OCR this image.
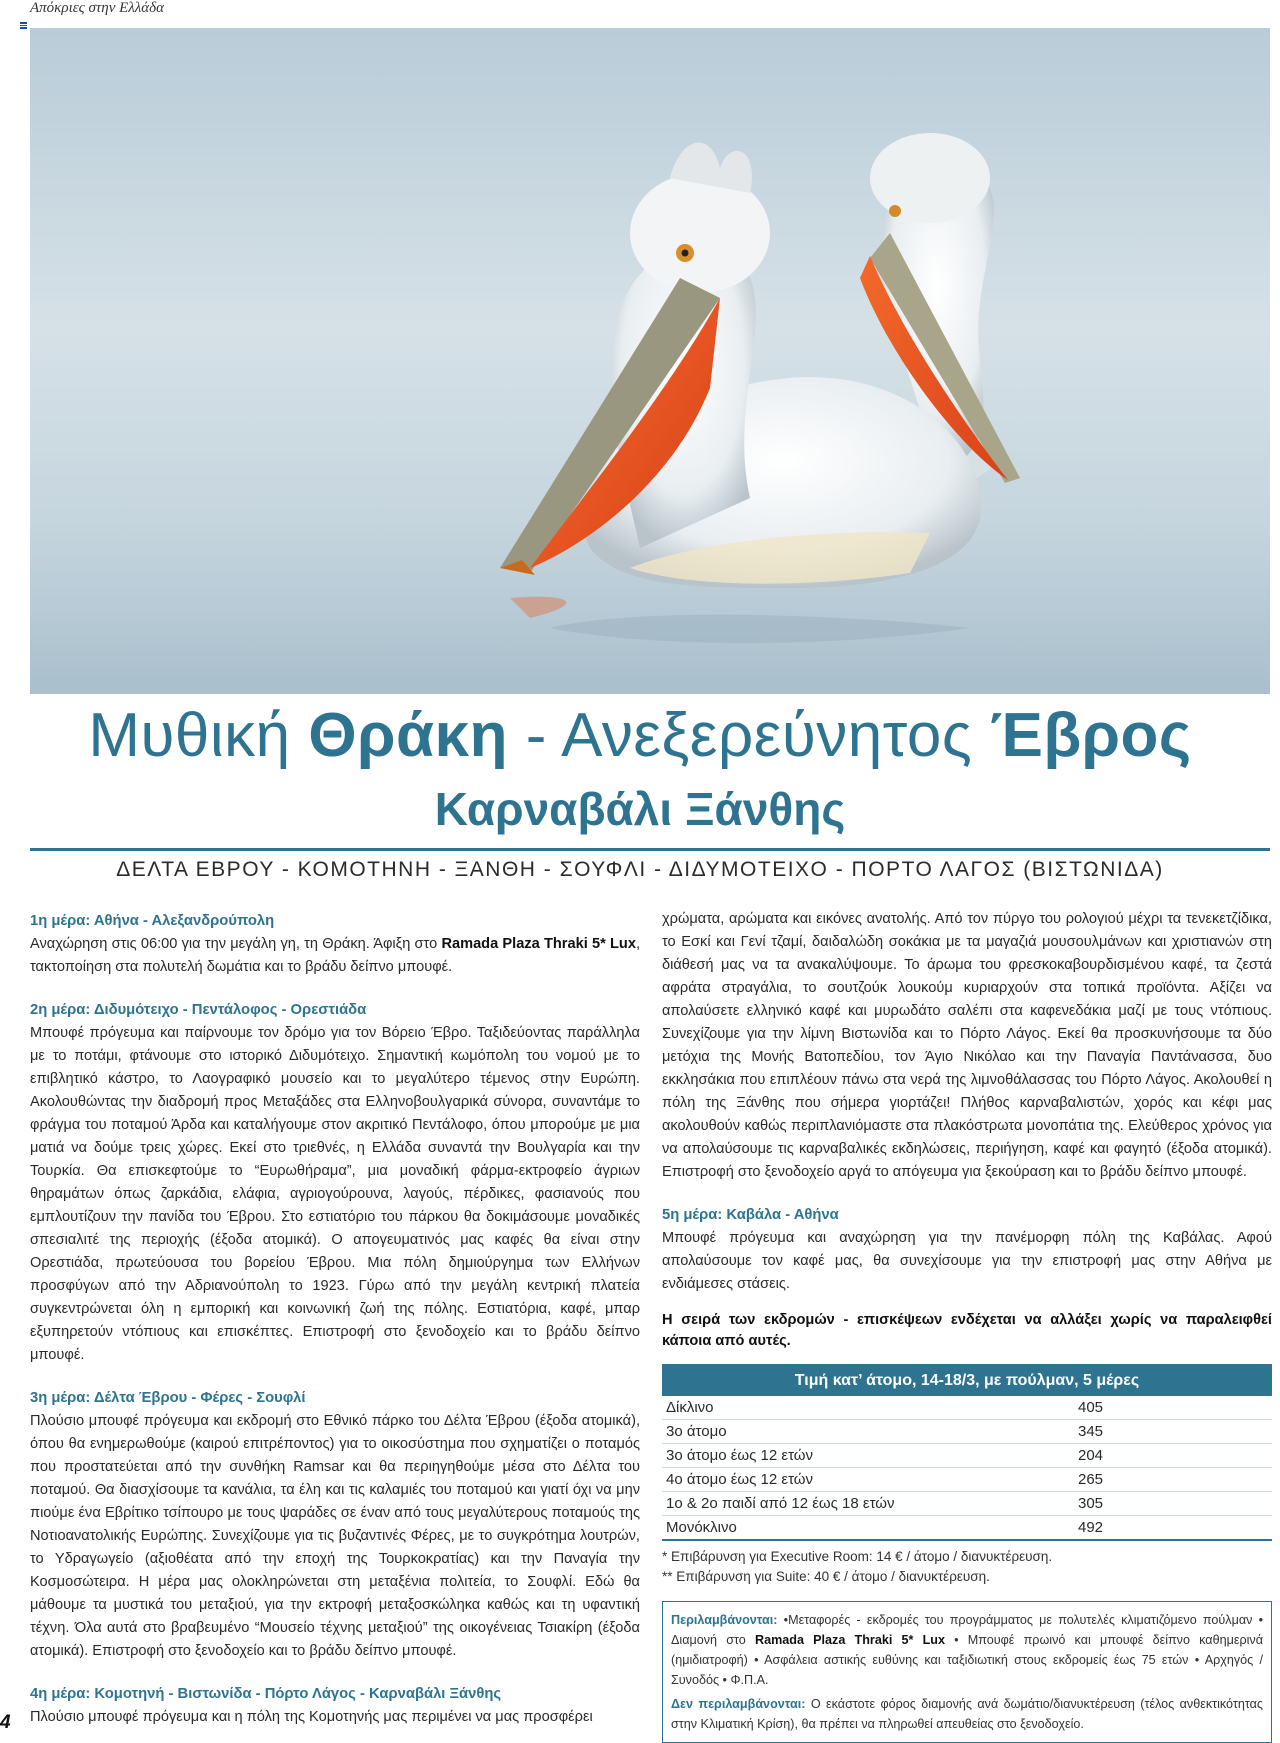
Απόκριες στην Ελλάδα
Μυθική Θράκη - Ανεξερεύνητος Έβρος
Καρναβάλι Ξάνθης
ΔΕΛΤΑ ΕΒΡΟΥ - ΚΟΜΟΤΗΝΗ - ΞΑΝΘΗ - ΣΟΥΦΛΙ - ΔΙΔΥΜΟΤΕΙΧΟ - ΠΟΡΤΟ ΛΑΓΟΣ (ΒΙΣΤΩΝΙΔΑ)
1η μέρα: Αθήνα - Αλεξανδρούπολη

Αναχώρηση στις 06:00 για την μεγάλη γη, τη Θράκη. Άφιξη στο Ramada Plaza Thraki 5* Lux, τακτοποίηση στα πολυτελή δωμάτια και το βράδυ δείπνο μπουφέ.

2η μέρα: Διδυμότειχο - Πεντάλοφος - Ορεστιάδα

Μπουφέ πρόγευμα και παίρνουμε τον δρόμο για τον Βόρειο Έβρο. Ταξιδεύοντας παράλληλα με το ποτάμι, φτάνουμε στο ιστορικό Διδυμότειχο. Σημαντική κωμόπολη του νομού με το επιβλητικό κάστρο, το Λαογραφικό μουσείο και το μεγαλύτερο τέμενος στην Ευρώπη. Ακολουθώντας την διαδρομή προς Μεταξάδες στα Ελληνοβουλγαρικά σύνορα, συναντάμε το φράγμα του ποταμού Άρδα και καταλήγουμε στον ακριτικό Πεντάλοφο, όπου μπορούμε με μια ματιά να δούμε τρεις χώρες. Εκεί στο τριεθνές, η Ελλάδα συναντά την Βουλγαρία και την Τουρκία. Θα επισκεφτούμε το “Ευρωθήραμα”, μια μοναδική φάρμα-εκτροφείο άγριων θηραμάτων όπως ζαρκάδια, ελάφια, αγριογούρουνα, λαγούς, πέρδικες, φασιανούς που εμπλουτίζουν την πανίδα του Έβρου. Στο εστιατόριο του πάρκου θα δοκιμάσουμε μοναδικές σπεσιαλιτέ της περιοχής (έξοδα ατομικά). Ο απογευματινός μας καφές θα είναι στην Ορεστιάδα, πρωτεύουσα του βορείου Έβρου. Μια πόλη δημιούργημα των Ελλήνων προσφύγων από την Αδριανούπολη το 1923. Γύρω από την μεγάλη κεντρική πλατεία συγκεντρώνεται όλη η εμπορική και κοινωνική ζωή της πόλης. Εστιατόρια, καφέ, μπαρ εξυπηρετούν ντόπιους και επισκέπτες. Επιστροφή στο ξενοδοχείο και το βράδυ δείπνο μπουφέ.

3η μέρα: Δέλτα Έβρου - Φέρες - Σουφλί

Πλούσιο μπουφέ πρόγευμα και εκδρομή στο Εθνικό πάρκο του Δέλτα Έβρου (έξοδα ατομικά), όπου θα ενημερωθούμε (καιρού επιτρέποντος) για το οικοσύστημα που σχηματίζει ο ποταμός που προστατεύεται από την συνθήκη Ramsar και θα περιηγηθούμε μέσα στο Δέλτα του ποταμού. Θα διασχίσουμε τα κανάλια, τα έλη και τις καλαμιές του ποταμού και γιατί όχι να μην πιούμε ένα Εβρίτικο τσίπουρο με τους ψαράδες σε έναν από τους μεγαλύτερους ποταμούς της Νοτιοανατολικής Ευρώπης. Συνεχίζουμε για τις βυζαντινές Φέρες, με το συγκρότημα λουτρών, το Υδραγωγείο (αξιοθέατα από την εποχή της Τουρκοκρατίας) και την Παναγία την Κοσμοσώτειρα. Η μέρα μας ολοκληρώνεται στη μεταξένια πολιτεία, το Σουφλί. Εδώ θα μάθουμε τα μυστικά του μεταξιού, για την εκτροφή μεταξοσκώληκα καθώς και τη υφαντική τέχνη. Όλα αυτά στο βραβευμένο “Μουσείο τέχνης μεταξιού” της οικογένειας Τσιακίρη (έξοδα ατομικά). Επιστροφή στο ξενοδοχείο και το βράδυ δείπνο μπουφέ.

4η μέρα: Κομοτηνή - Βιστωνίδα - Πόρτο Λάγος - Καρναβάλι Ξάνθης

Πλούσιο μπουφέ πρόγευμα και η πόλη της Κομοτηνής μας περιμένει να μας προσφέρει

χρώματα, αρώματα και εικόνες ανατολής. Από τον πύργο του ρολογιού μέχρι τα τενεκετζίδικα, το Εσκί και Γενί τζαμί, δαιδαλώδη σοκάκια με τα μαγαζιά μουσουλμάνων και χριστιανών στη διάθεσή μας να τα ανακαλύψουμε. Το άρωμα του φρεσκοκαβουρδισμένου καφέ, τα ζεστά αφράτα στραγάλια, το σουτζούκ λουκούμ κυριαρχούν στα τοπικά προϊόντα. Αξίζει να απολαύσετε ελληνικό καφέ και μυρωδάτο σαλέπι στα καφενεδάκια μαζί με τους ντόπιους. Συνεχίζουμε για την λίμνη Βιστωνίδα και το Πόρτο Λάγος. Εκεί θα προσκυνήσουμε τα δύο μετόχια της Μονής Βατοπεδίου, τον Άγιο Νικόλαο και την Παναγία Παντάνασσα, δυο εκκλησάκια που επιπλέουν πάνω στα νερά της λιμνοθάλασσας του Πόρτο Λάγος. Ακολουθεί η πόλη της Ξάνθης που σήμερα γιορτάζει! Πλήθος καρναβαλιστών, χορός και κέφι μας ακολουθούν καθώς περιπλανιόμαστε στα πλακόστρωτα μονοπάτια της. Ελεύθερος χρόνος για να απολαύσουμε τις καρναβαλικές εκδηλώσεις, περιήγηση, καφέ και φαγητό (έξοδα ατομικά). Επιστροφή στο ξενοδοχείο αργά το απόγευμα για ξεκούραση και το βράδυ δείπνο μπουφέ.

5η μέρα: Καβάλα - Αθήνα

Μπουφέ πρόγευμα και αναχώρηση για την πανέμορφη πόλη της Καβάλας. Αφού απολαύσουμε τον καφέ μας, θα συνεχίσουμε για την επιστροφή μας στην Αθήνα με ενδιάμεσες στάσεις.

Η σειρά των εκδρομών - επισκέψεων ενδέχεται να αλλάξει χωρίς να παραλειφθεί κάποια από αυτές.
Τιμή κατ’ άτομο, 14-18/3, με πούλμαν, 5 μέρες	
Δίκλινο	405
3ο άτομο	345
3ο άτομο έως 12 ετών	204
4ο άτομο έως 12 ετών	265
1ο & 2ο παιδί από 12 έως 18 ετών	305
Μονόκλινο	492
* Επιβάρυνση για Executive Room: 14 € / άτομο / διανυκτέρευση.
** Επιβάρυνση για Suite: 40 € / άτομο / διανυκτέρευση.
Περιλαμβάνονται: •Μεταφορές - εκδρομές του προγράμματος με πολυτελές κλιματιζόμενο πούλμαν • Διαμονή στο Ramada Plaza Thraki 5* Lux • Μπουφέ πρωινό και μπουφέ δείπνο καθημερινά (ημιδιατροφή) • Ασφάλεια αστικής ευθύνης και ταξιδιωτική στους εκδρομείς έως 75 ετών • Αρχηγός /Συνοδός • Φ.Π.Α.
Δεν περιλαμβάνονται: Ο εκάστοτε φόρος διαμονής ανά δωμάτιο/διανυκτέρευση (τέλος ανθεκτικότητας στην Κλιματική Κρίση), θα πρέπει να πληρωθεί απευθείας στο ξενοδοχείο.
4
